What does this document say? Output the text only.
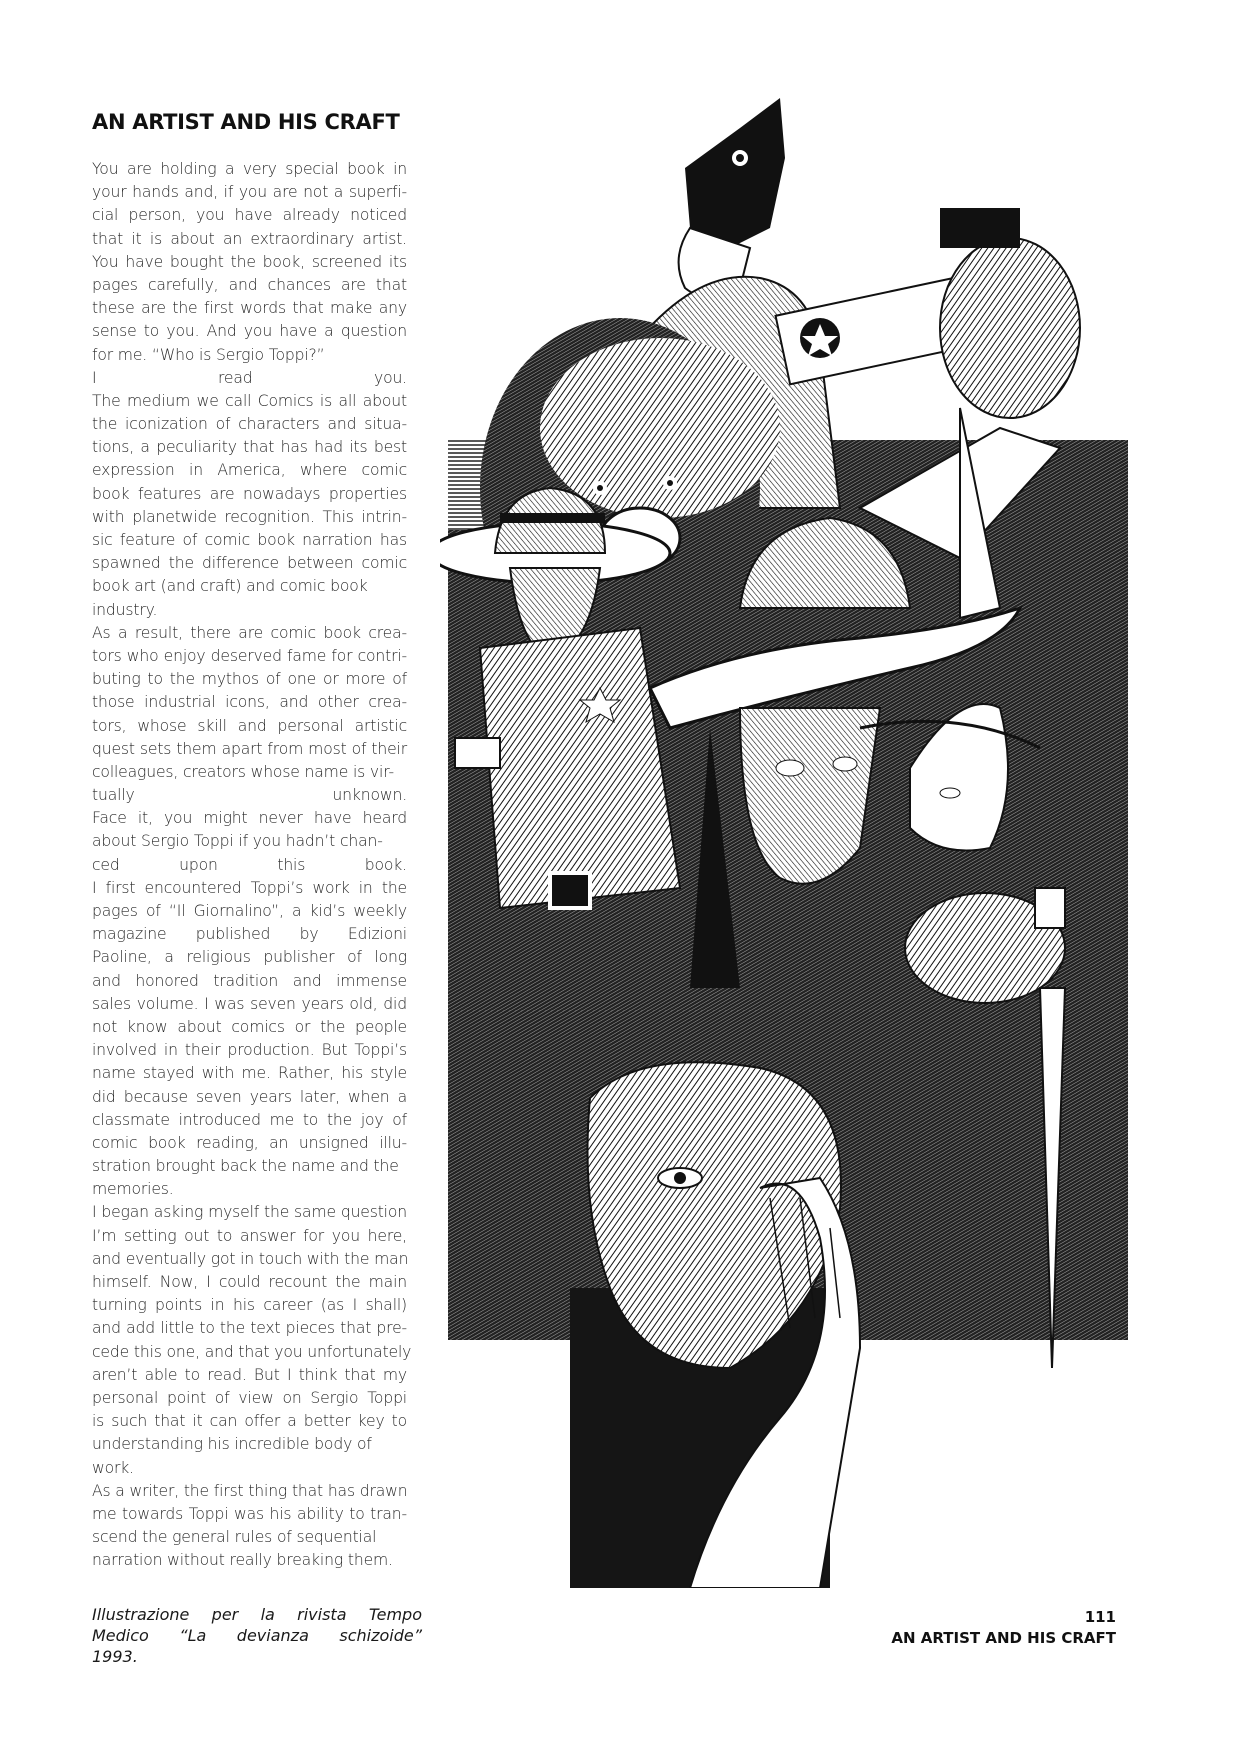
AN ARTIST AND HIS CRAFT
You are holding a very special book in
your hands and, if you are not a superfi-
cial person, you have already noticed
that it is about an extraordinary artist.
You have bought the book, screened its
pages carefully, and chances are that
these are the first words that make any
sense to you. And you have a question
for me. “Who is Sergio Toppi?”
I read you.
The medium we call Comics is all about
the iconization of characters and situa-
tions, a peculiarity that has had its best
expression in America, where comic
book features are nowadays properties
with planetwide recognition. This intrin-
sic feature of comic book narration has
spawned the difference between comic
book art (and craft) and comic book
industry.
As a result, there are comic book crea-
tors who enjoy deserved fame for contri-
buting to the mythos of one or more of
those industrial icons, and other crea-
tors, whose skill and personal artistic
quest sets them apart from most of their
colleagues, creators whose name is vir-
tually unknown.
Face it, you might never have heard
about Sergio Toppi if you hadn’t chan-
ced upon this book.
I first encountered Toppi’s work in the
pages of “Il Giornalino”, a kid’s weekly
magazine published by Edizioni
Paoline, a religious publisher of long
and honored tradition and immense
sales volume. I was seven years old, did
not know about comics or the people
involved in their production. But Toppi’s
name stayed with me. Rather, his style
did because seven years later, when a
classmate introduced me to the joy of
comic book reading, an unsigned illu-
stration brought back the name and the
memories.
I began asking myself the same question
I’m setting out to answer for you here,
and eventually got in touch with the man
himself. Now, I could recount the main
turning points in his career (as I shall)
and add little to the text pieces that pre-
cede this one, and that you unfortunately
aren’t able to read. But I think that my
personal point of view on Sergio Toppi
is such that it can offer a better key to
understanding his incredible body of
work.
As a writer, the first thing that has drawn
me towards Toppi was his ability to tran-
scend the general rules of sequential
narration without really breaking them.
Illustrazione per la rivista Tempo
Medico “La devianza schizoide”
1993.
111
AN ARTIST AND HIS CRAFT
